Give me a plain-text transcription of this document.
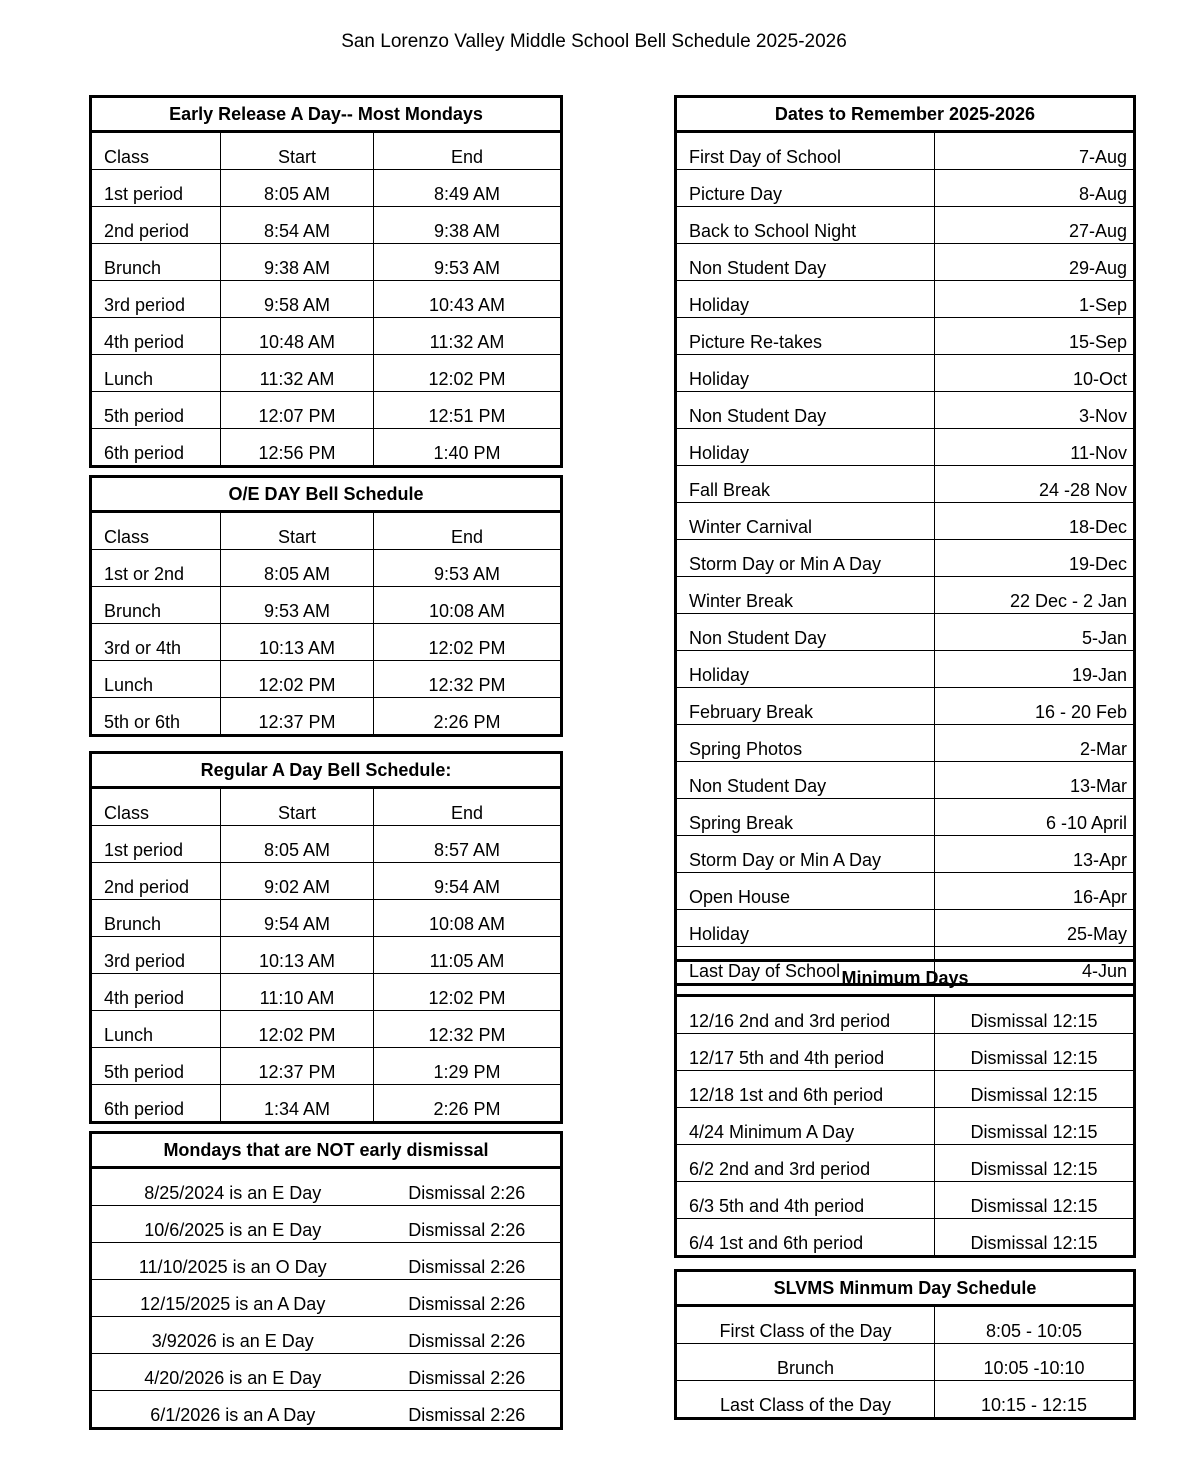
San Lorenzo Valley Middle School Bell Schedule 2025-2026
Early Release A Day-- Most Mondays		
Class	Start	End
1st period	8:05 AM	8:49 AM
2nd period	8:54 AM	9:38 AM
Brunch	9:38 AM	9:53 AM
3rd period	9:58 AM	10:43 AM
4th period	10:48 AM	11:32 AM
Lunch	11:32 AM	12:02 PM
5th period	12:07 PM	12:51 PM
6th period	12:56 PM	1:40 PM
O/E DAY Bell Schedule		
Class	Start	End
1st or 2nd	8:05 AM	9:53 AM
Brunch	9:53 AM	10:08 AM
3rd or 4th	10:13 AM	12:02 PM
Lunch	12:02 PM	12:32 PM
5th or 6th	12:37 PM	2:26 PM
Regular A Day Bell Schedule:		
Class	Start	End
1st period	8:05 AM	8:57 AM
2nd period	9:02 AM	9:54 AM
Brunch	9:54 AM	10:08 AM
3rd period	10:13 AM	11:05 AM
4th period	11:10 AM	12:02 PM
Lunch	12:02 PM	12:32 PM
5th period	12:37 PM	1:29 PM
6th period	1:34 AM	2:26 PM
Mondays that are NOT early dismissal	
8/25/2024 is an E Day	Dismissal 2:26
10/6/2025 is an E Day	Dismissal 2:26
11/10/2025 is an O Day	Dismissal 2:26
12/15/2025 is an A Day	Dismissal 2:26
3/92026 is an E Day	Dismissal 2:26
4/20/2026 is an E Day	Dismissal 2:26
6/1/2026 is an A Day	Dismissal 2:26
Dates to Remember 2025-2026	
First Day of School	7-Aug
Picture Day	8-Aug
Back to School Night	27-Aug
Non Student Day	29-Aug
Holiday	1-Sep
Picture Re-takes	15-Sep
Holiday	10-Oct
Non Student Day	3-Nov
Holiday	11-Nov
Fall Break	24 -28 Nov
Winter Carnival	18-Dec
Storm Day or Min A Day	19-Dec
Winter Break	22 Dec - 2 Jan
Non Student Day	5-Jan
Holiday	19-Jan
February Break	16 - 20 Feb
Spring Photos	2-Mar
Non Student Day	13-Mar
Spring Break	6 -10 April
Storm Day or Min A Day	13-Apr
Open House	16-Apr
Holiday	25-May
Last Day of School	4-Jun
Minimum Days	
12/16 2nd and 3rd period	Dismissal 12:15
12/17 5th and 4th period	Dismissal 12:15
12/18 1st and 6th period	Dismissal 12:15
4/24 Minimum A Day	Dismissal 12:15
6/2 2nd and 3rd period	Dismissal 12:15
6/3 5th and 4th period	Dismissal 12:15
6/4 1st and 6th period	Dismissal 12:15
SLVMS Minmum Day Schedule	
First Class of the Day	8:05 - 10:05
Brunch	10:05 -10:10
Last Class of the Day	10:15 - 12:15
